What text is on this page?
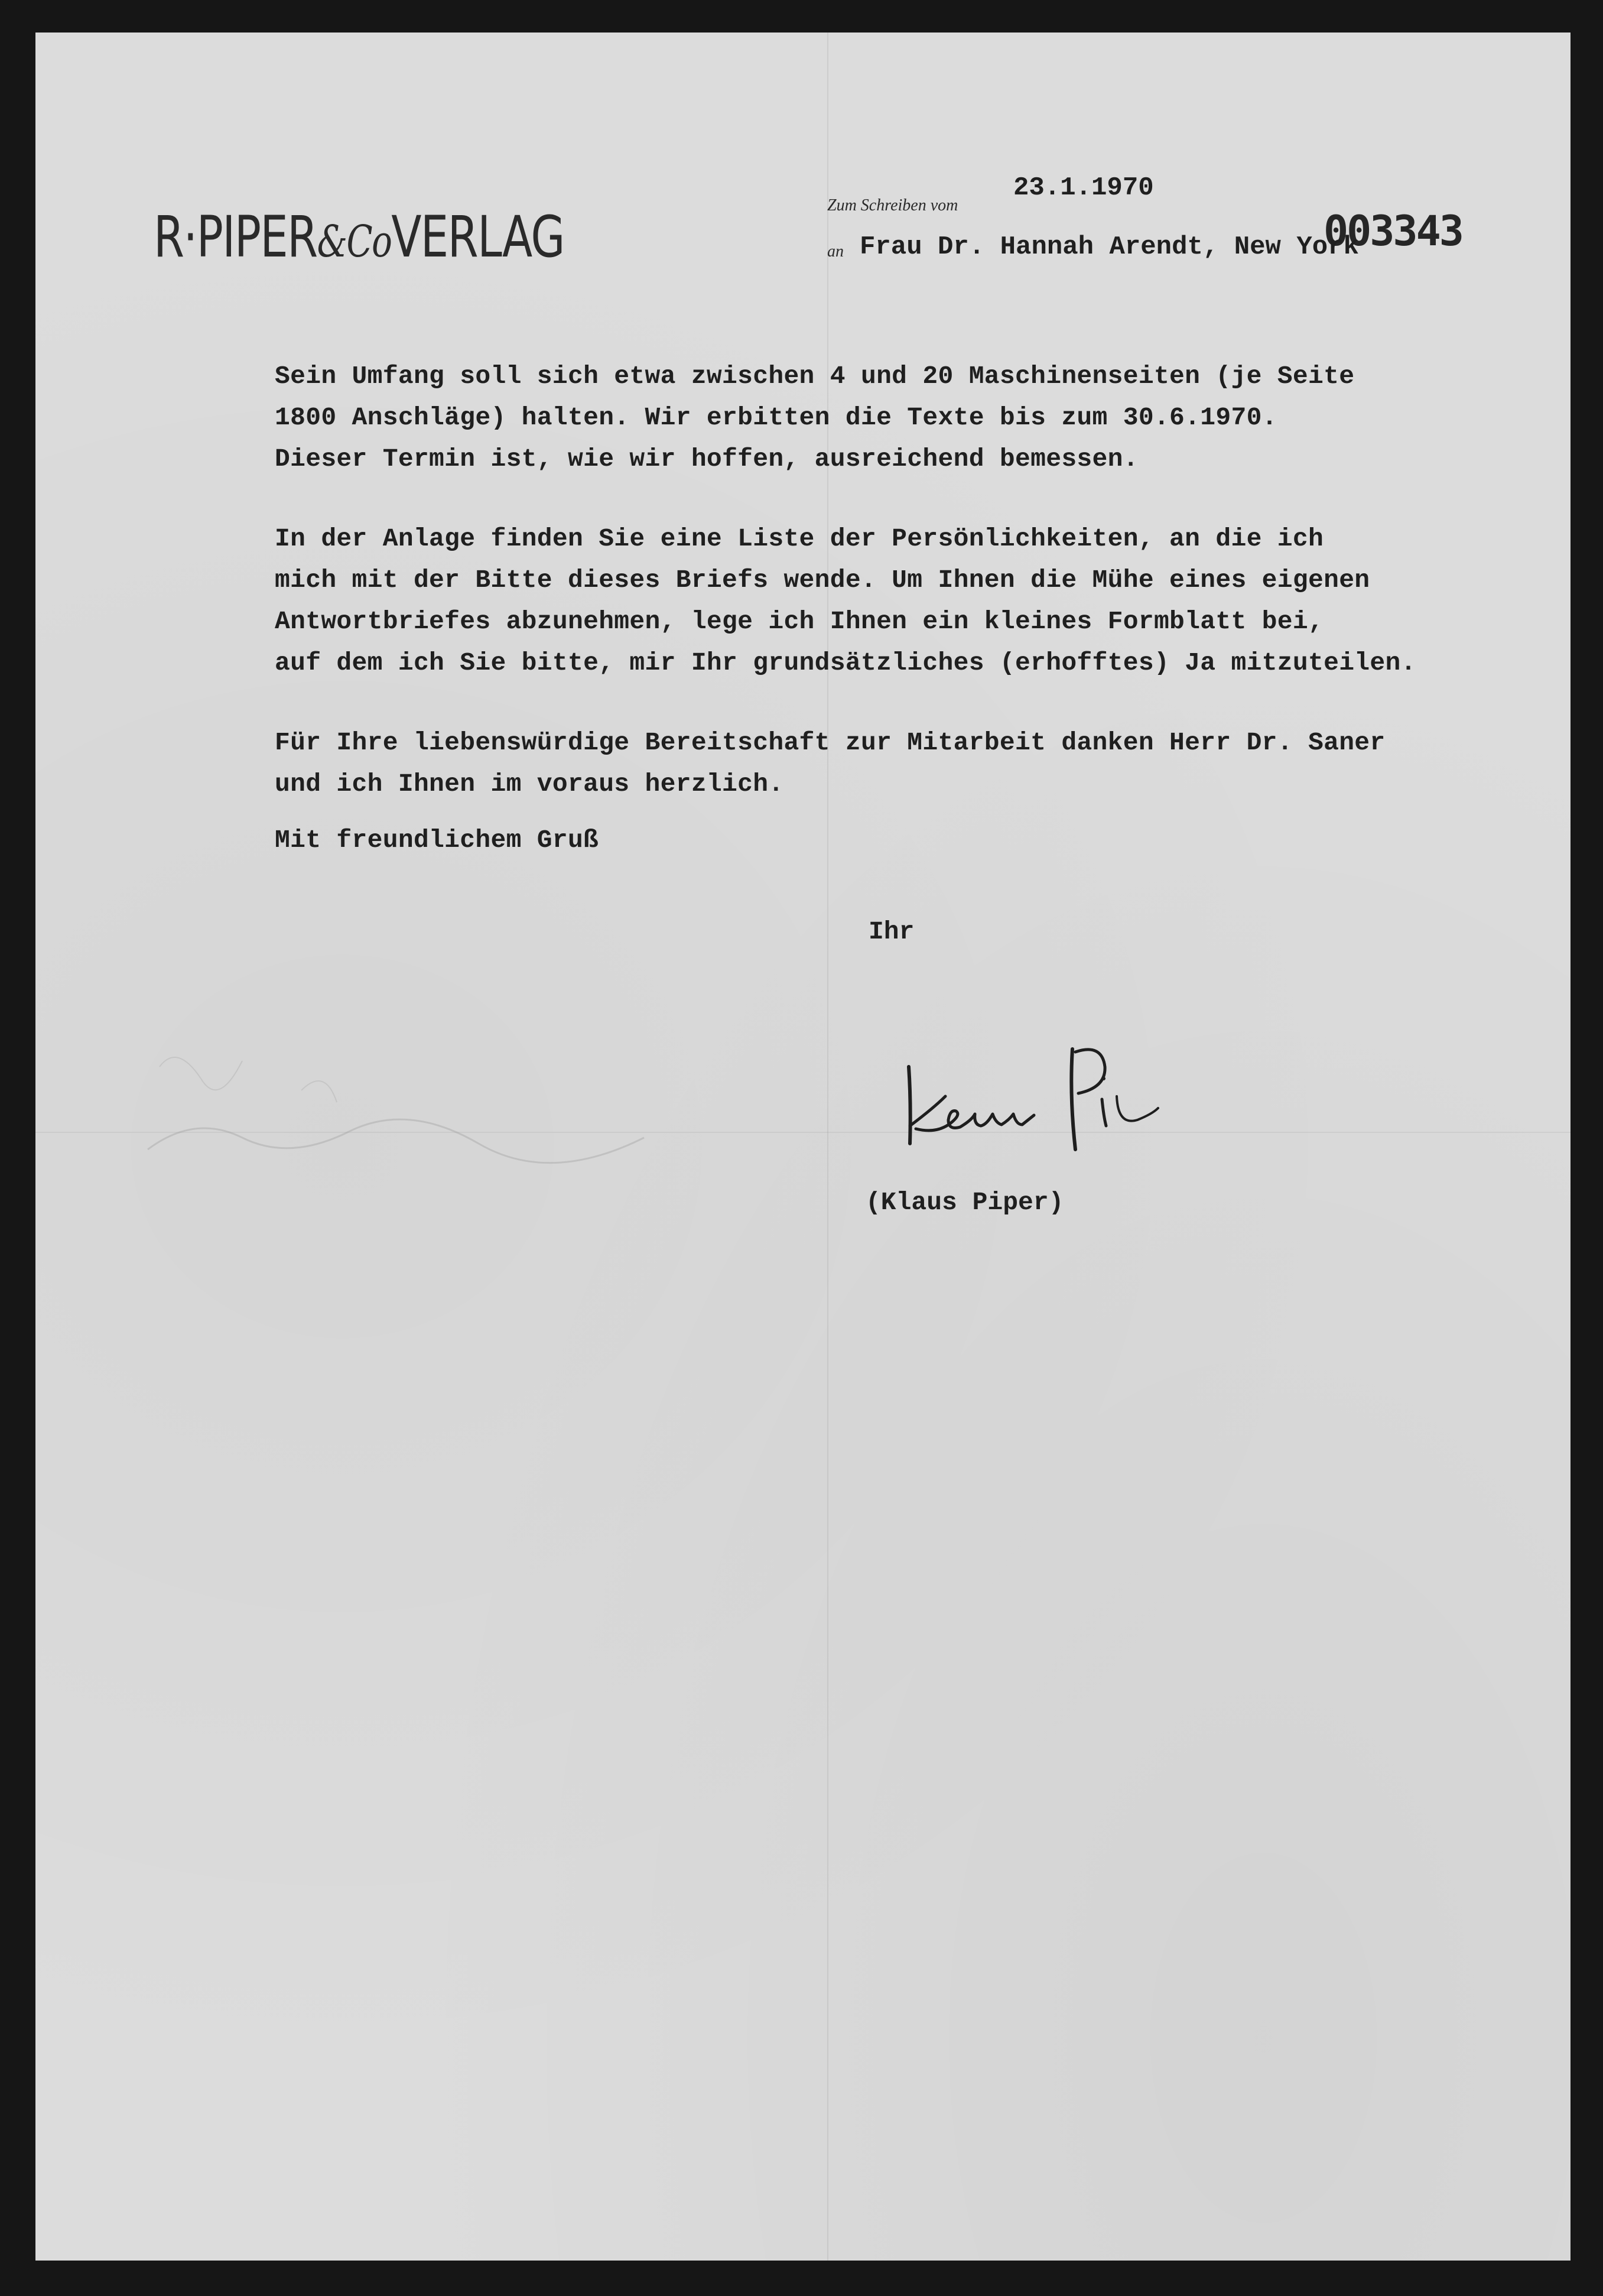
R·PIPER&CoVERLAG	Zum Schreiben vom
23.1.1970
003343
an Frau Dr. Hannah Arendt, New York
Sein Umfang soll sich etwa zwischen 4 und 20 Maschinenseiten (je Seite
1800 Anschläge) halten. Wir erbitten die Texte bis zum 30.6.1970.
Dieser Termin ist, wie wir hoffen, ausreichend bemessen.
In der Anlage finden Sie eine Liste der Persönlichkeiten, an die ich
mich mit der Bitte dieses Briefs wende. Um Ihnen die Mühe eines eigenen
Antwortbriefes abzunehmen, lege ich Ihnen ein kleines Formblatt bei,
auf dem ich Sie bitte, mir Ihr grundsätzliches (erhofftes) Ja mitzuteilen.
Für Ihre liebenswürdige Bereitschaft zur Mitarbeit danken Herr Dr. Saner
und ich Ihnen im voraus herzlich.
Mit freundlichem Gruß
Ihr
(Klaus Piper)
